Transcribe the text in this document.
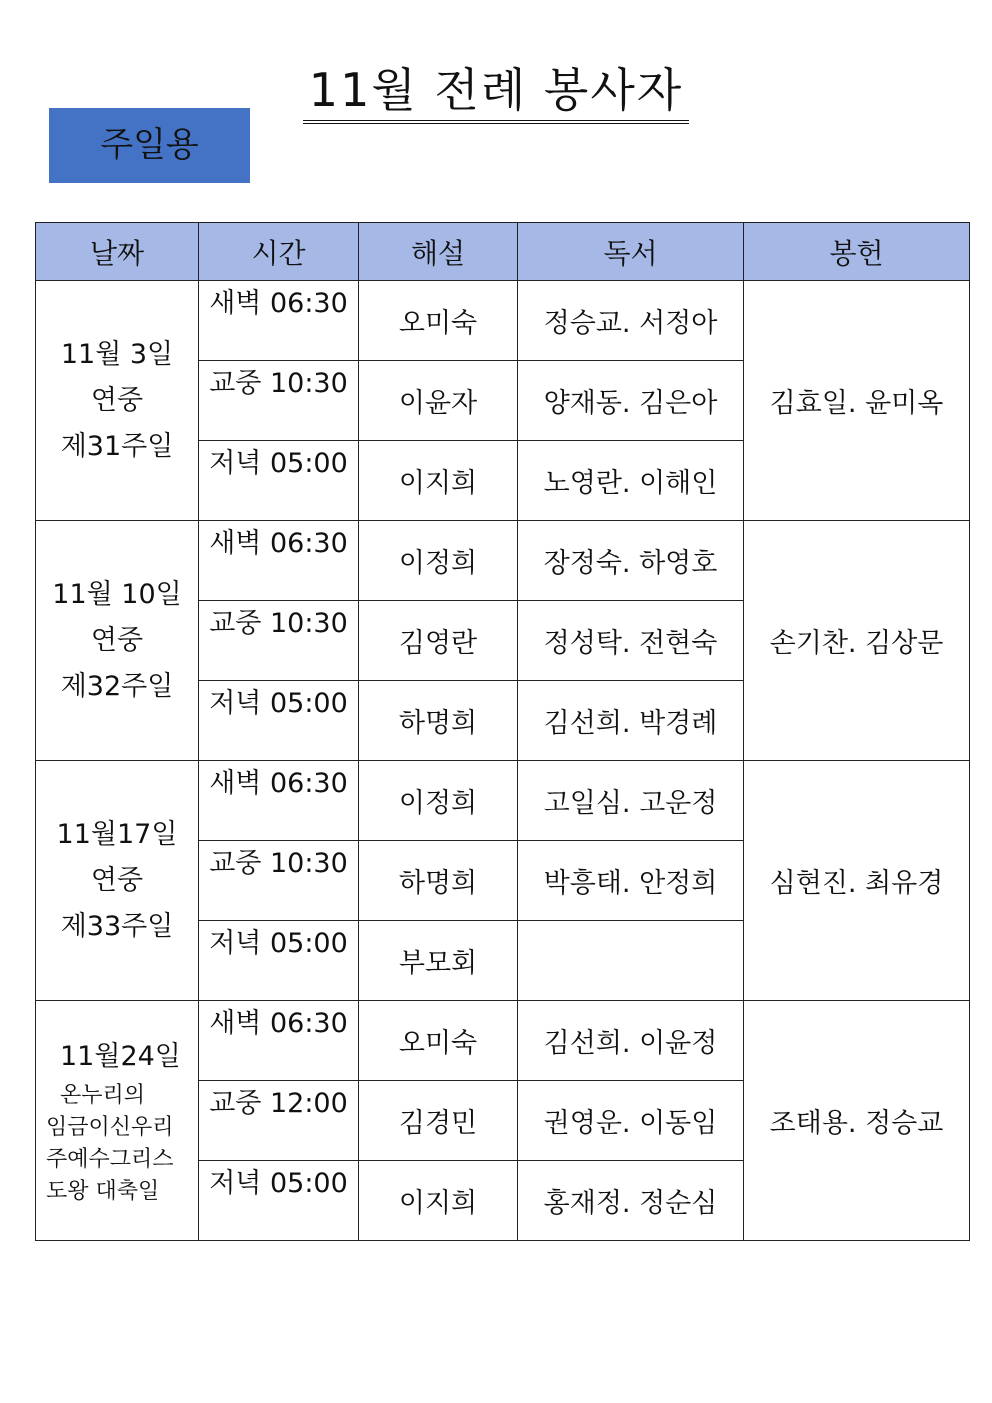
11월 전례 봉사자
주일용
날짜	시간	해설	독서	봉헌

11월 3일
연중
제31주일	새벽 06:30	오미숙	정승교. 서정아	김효일. 윤미옥
	교중 10:30	이윤자	양재동. 김은아	
	저녁 05:00	이지희	노영란. 이해인	

11월 10일
연중
제32주일	새벽 06:30	이정희	장정숙. 하영호	손기찬. 김상문
	교중 10:30	김영란	정성탁. 전현숙	
	저녁 05:00	하명희	김선희. 박경례	

11월17일
연중
제33주일	새벽 06:30	이정희	고일심. 고운정	심현진. 최유경
	교중 10:30	하명희	박흥태. 안정희	
	저녁 05:00	부모회		

11월24일
온누리의
임금이신우리
주예수그리스
도왕 대축일	새벽 06:30	오미숙	김선희. 이윤정	조태용. 정승교
	교중 12:00	김경민	권영운. 이동임	
	저녁 05:00	이지희	홍재정. 정순심	
